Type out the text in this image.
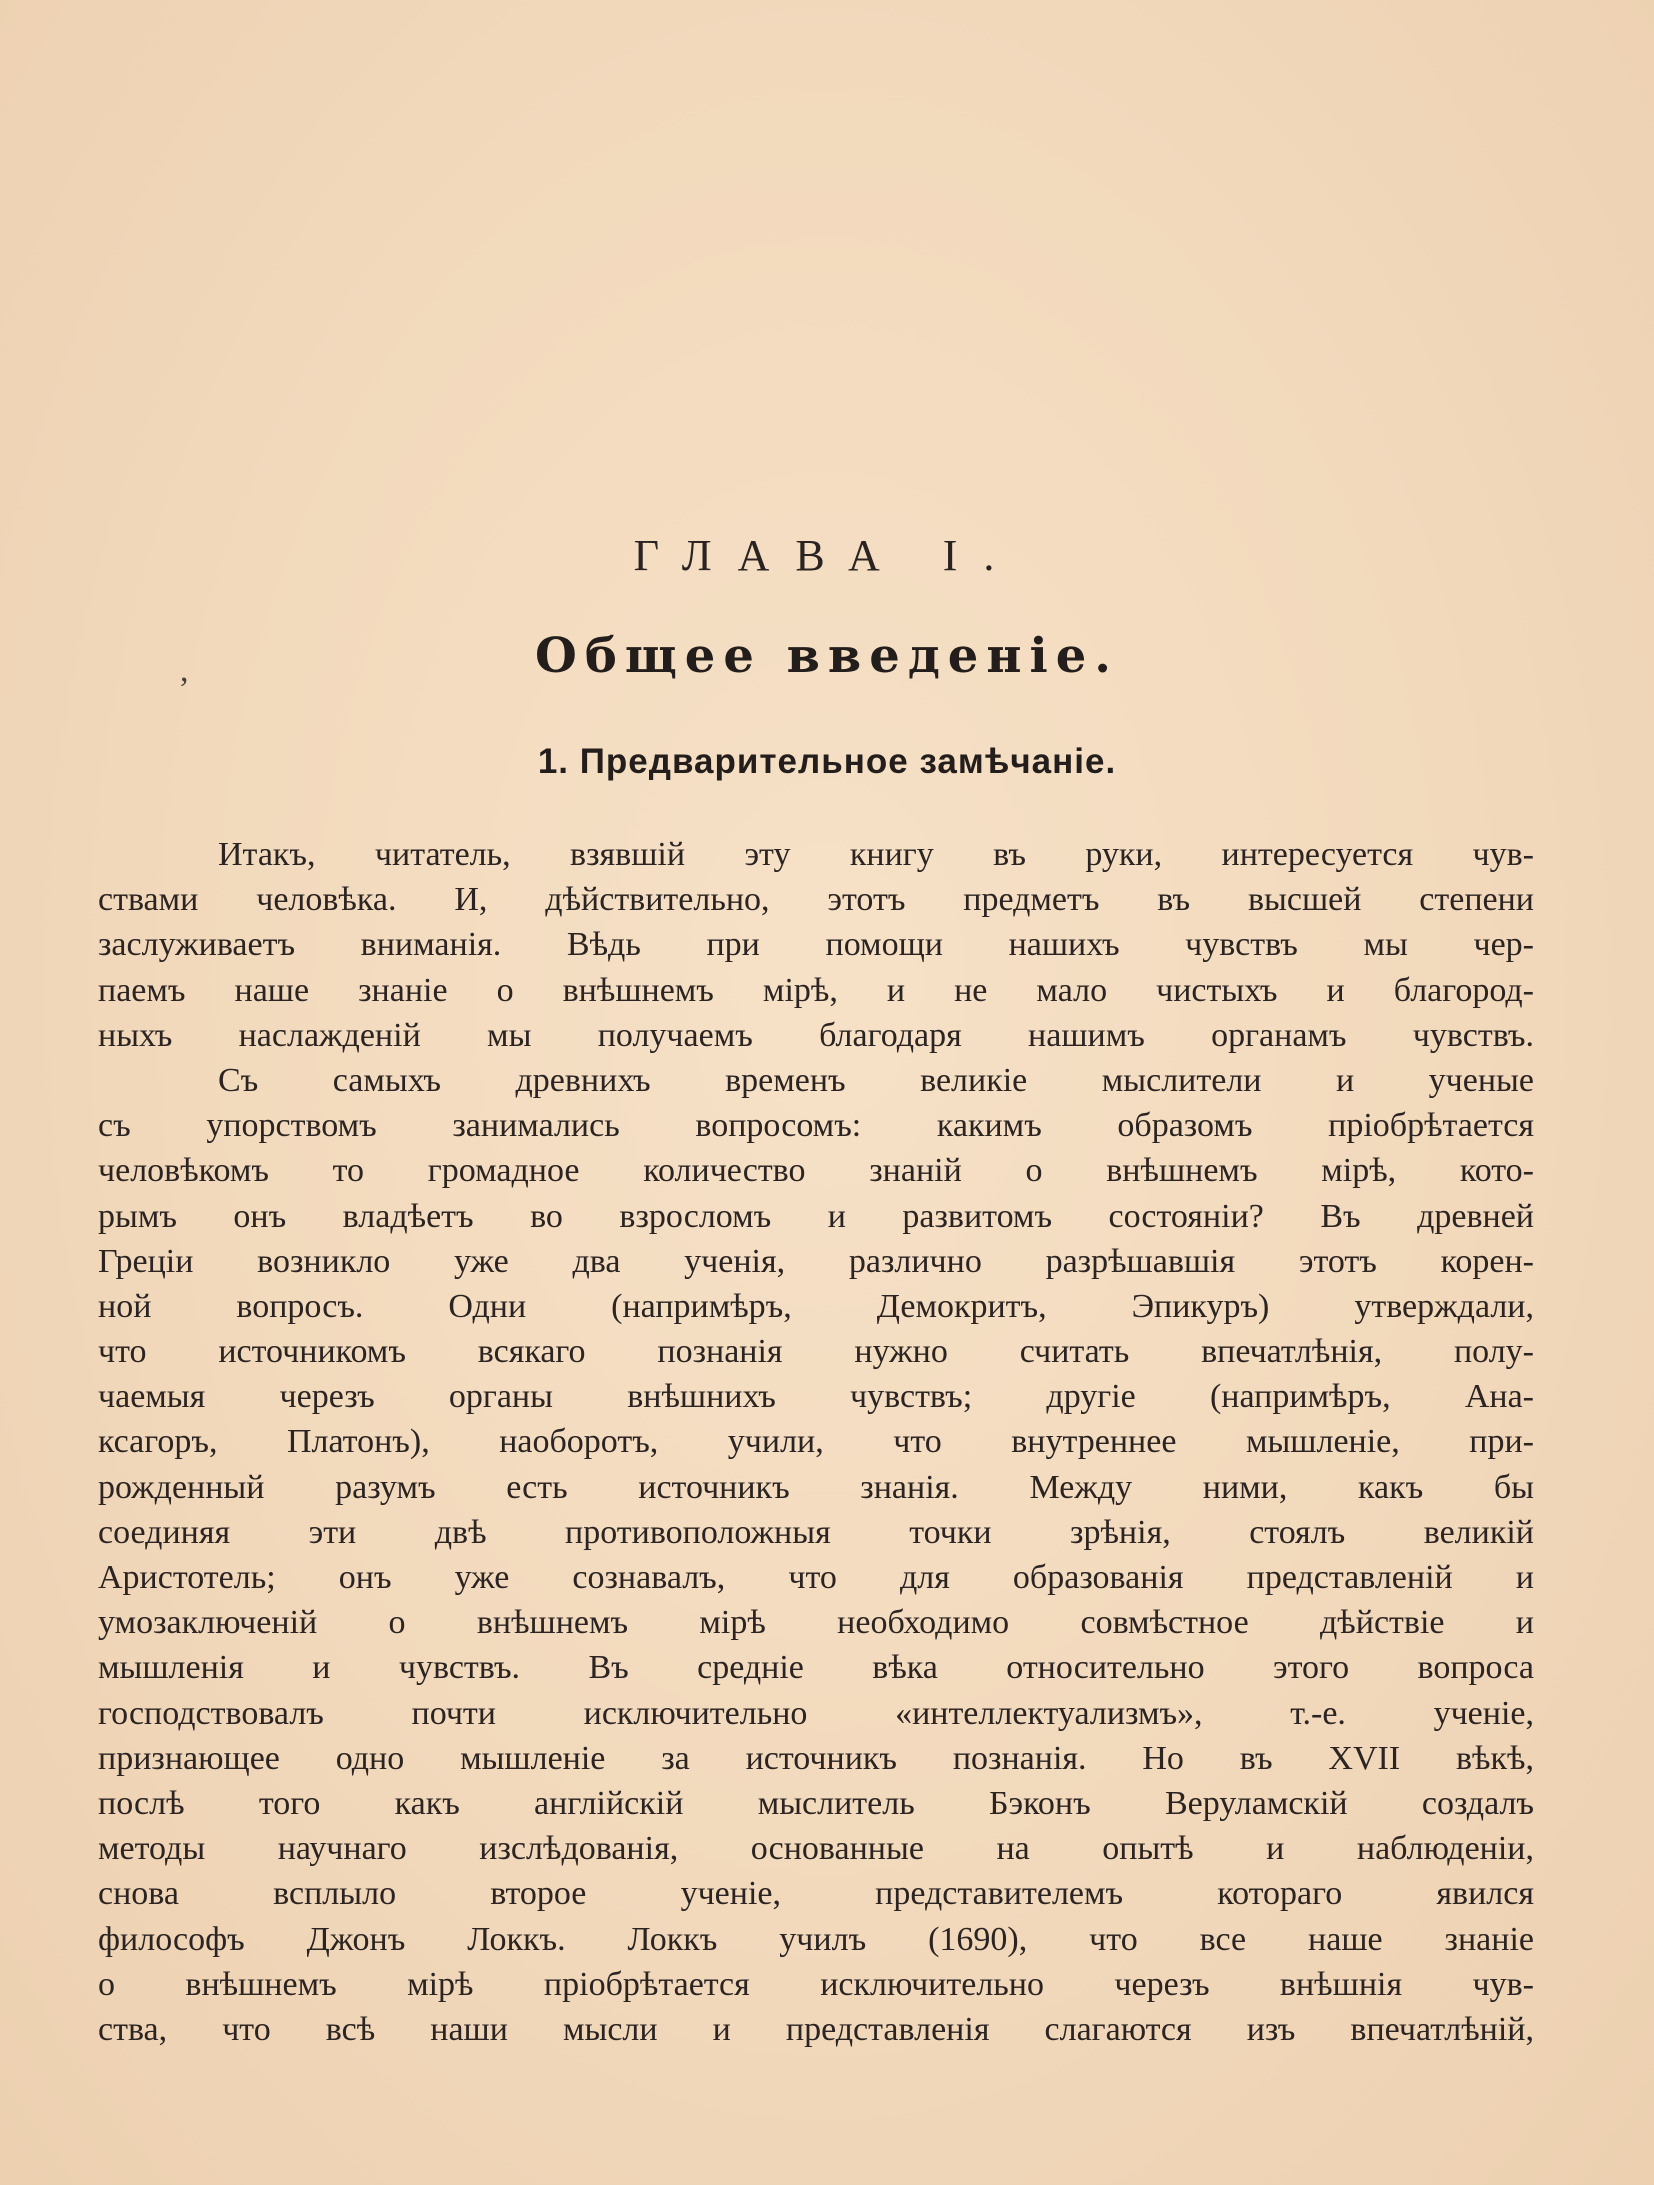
ГЛАВА I.
,	Общее введеніе.
1. Предварительное замѣчаніе.
Итакъ, читатель, взявшій эту книгу въ руки, интересуется чув-
ствами человѣка. И, дѣйствительно, этотъ предметъ въ высшей степени
заслуживаетъ вниманія. Вѣдь при помощи нашихъ чувствъ мы чер-
паемъ наше знаніе о внѣшнемъ мірѣ, и не мало чистыхъ и благород-
ныхъ наслажденій мы получаемъ благодаря нашимъ органамъ чувствъ.
Съ самыхъ древнихъ временъ великіе мыслители и ученые
съ упорствомъ занимались вопросомъ: какимъ образомъ пріобрѣтается
человѣкомъ то громадное количество знаній о внѣшнемъ мірѣ, кото-
рымъ онъ владѣетъ во взросломъ и развитомъ состояніи? Въ древней
Греціи возникло уже два ученія, различно разрѣшавшія этотъ корен-
ной вопросъ. Одни (напримѣръ, Демокритъ, Эпикуръ) утверждали,
что источникомъ всякаго познанія нужно считать впечатлѣнія, полу-
чаемыя черезъ органы внѣшнихъ чувствъ; другіе (напримѣръ, Ана-
ксагоръ, Платонъ), наоборотъ, учили, что внутреннее мышленіе, при-
рожденный разумъ есть источникъ знанія. Между ними, какъ бы
соединяя эти двѣ противоположныя точки зрѣнія, стоялъ великій
Аристотель; онъ уже сознавалъ, что для образованія представленій и
умозаключеній о внѣшнемъ мірѣ необходимо совмѣстное дѣйствіе и
мышленія и чувствъ. Въ средніе вѣка относительно этого вопроса
господствовалъ почти исключительно «интеллектуализмъ», т.-е. ученіе,
признающее одно мышленіе за источникъ познанія. Но въ XVII вѣкѣ,
послѣ того какъ англійскій мыслитель Бэконъ Веруламскій создалъ
методы научнаго изслѣдованія, основанные на опытѣ и наблюденіи,
снова всплыло второе ученіе, представителемъ котораго явился
философъ Джонъ Локкъ. Локкъ училъ (1690), что все наше знаніе
о внѣшнемъ мірѣ пріобрѣтается исключительно черезъ внѣшнія чув-
ства, что всѣ наши мысли и представленія слагаются изъ впечатлѣній,
